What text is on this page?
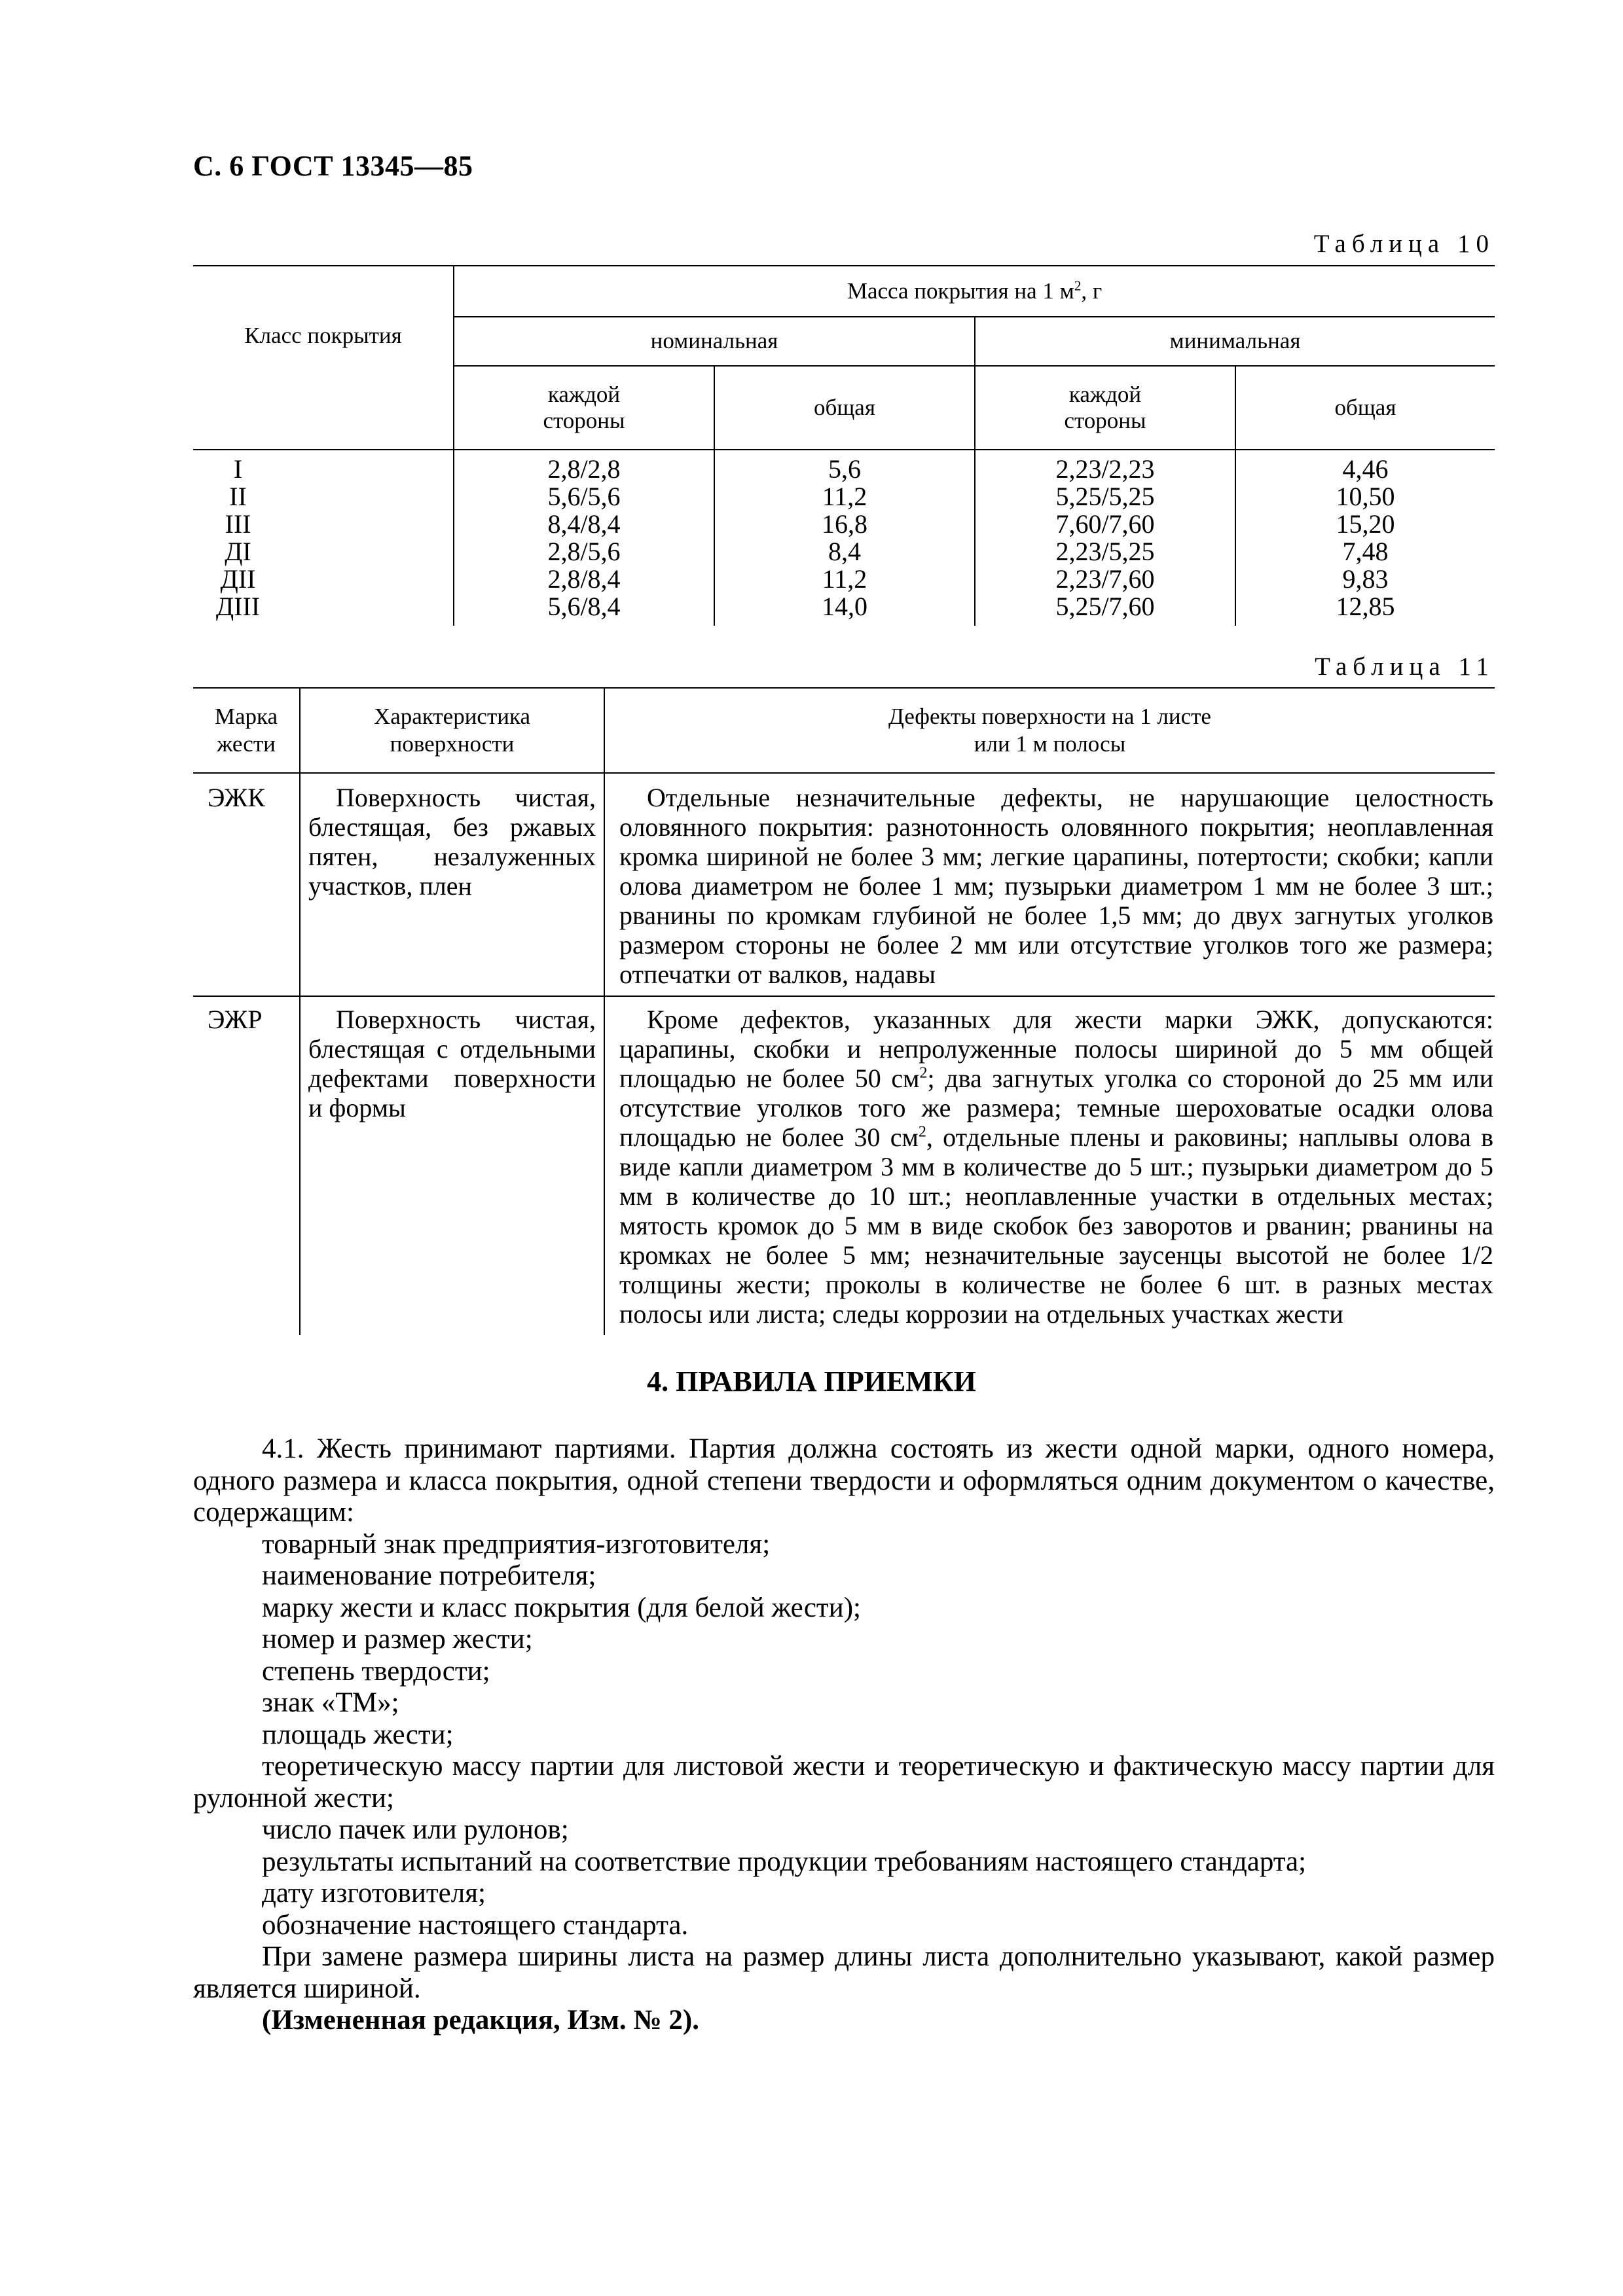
С. 6 ГОСТ 13345—85
Таблица 10
Класс покрытия	Масса покрытия на 1 $м^2$, г			
	номинальная		минимальная	
	каждой стороны	общая	каждой стороны	общая
I	2,8/2,8	5,6	2,23/2,23	4,46
II	5,6/5,6	11,2	5,25/5,25	10,50
III	8,4/8,4	16,8	7,60/7,60	15,20
ДI	2,8/5,6	8,4	2,23/5,25	7,48
ДII	2,8/8,4	11,2	2,23/7,60	9,83
ДIII	5,6/8,4	14,0	5,25/7,60	12,85
Таблица 11
Марка жести	Характеристика поверхности	Дефекты поверхности на 1 листе
или 1 м полосы
ЭЖК	Поверхность чистая, блестящая, без ржавых пятен, незалуженных участков, плен	Отдельные незначительные дефекты, не нарушающие целостность оловянного покрытия: разнотонность оловянного покрытия; неоплавленная кромка шириной не более 3 мм; легкие царапины, потертости; скобки; капли олова диаметром не более 1 мм; пузырьки диаметром 1 мм не более 3 шт.; рванины по кромкам глубиной не более 1,5 мм; до двух загнутых уголков размером стороны не более 2 мм или отсутствие уголков того же размера; отпечатки от валков, надавы
ЭЖР	Поверхность чистая, блестящая с отдельными дефектами поверхности и формы	Кроме дефектов, указанных для жести марки ЭЖК, допускаются: царапины, скобки и непролуженные полосы шириной до 5 мм общей площадью не более 50 $см^2$; два загнутых уголка со стороной до 25 мм или отсутствие уголков того же размера; темные шероховатые осадки олова площадью не более 30 $см^2$, отдельные плены и раковины; наплывы олова в виде капли диаметром 3 мм в количестве до 5 шт.; пузырьки диаметром до 5 мм в количестве до 10 шт.; неоплавленные участки в отдельных местах; мятость кромок до 5 мм в виде скобок без заворотов и рванин; рванины на кромках не более 5 мм; незначительные заусенцы высотой не более 1/2 толщины жести; проколы в количестве не более 6 шт. в разных местах полосы или листа; следы коррозии на отдельных участках жести
4. ПРАВИЛА ПРИЕМКИ

4.1. Жесть принимают партиями. Партия должна состоять из жести одной марки, одного номера, одного размера и класса покрытия, одной степени твердости и оформляться одним документом о качестве, содержащим:

товарный знак предприятия-изготовителя;

наименование потребителя;

марку жести и класс покрытия (для белой жести);

номер и размер жести;

степень твердости;

знак «ТМ»;

площадь жести;

теоретическую массу партии для листовой жести и теоретическую и фактическую массу партии для рулонной жести;

число пачек или рулонов;

результаты испытаний на соответствие продукции требованиям настоящего стандарта;

дату изготовителя;

обозначение настоящего стандарта.

При замене размера ширины листа на размер длины листа дополнительно указывают, какой размер является шириной.

(Измененная редакция, Изм. № 2).
